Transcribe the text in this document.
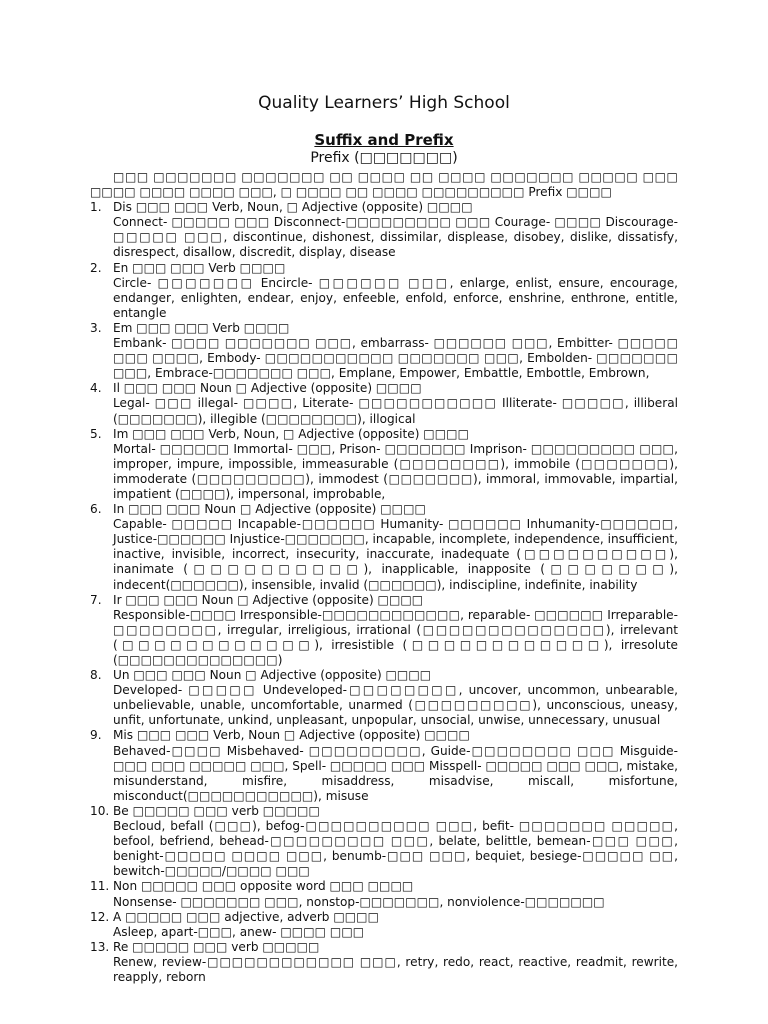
Quality Learners’ High School
Suffix and Prefix
Prefix (□□□□□□□)

□□□ □□□□□□□ □□□□□□□ □□ □□□□ □□ □□□□ □□□□□□□ □□□□□ □□□ □□□□ □□□□ □□□□ □□□, □ □□□□ □□ □□□□ □□□□□□□□□ Prefix □□□□

1. Dis □□□ □□□ Verb, Noun, □ Adjective (opposite) □□□□
Connect- □□□□□ □□□ Disconnect-□□□□□□□□□ □□□ Courage- □□□□ Discourage- □□□□□ □□□, discontinue, dishonest, dissimilar, displease, disobey, dislike, dissatisfy, disrespect, disallow, discredit, display, disease
2. En □□□ □□□ Verb □□□□
Circle- □□□□□□□ Encircle- □□□□□□ □□□, enlarge, enlist, ensure, encourage, endanger, enlighten, endear, enjoy, enfeeble, enfold, enforce, enshrine, enthrone, entitle, entangle
3. Em □□□ □□□ Verb □□□□
Embank- □□□□ □□□□□□□ □□□, embarrass- □□□□□□ □□□, Embitter- □□□□□ □□□ □□□□, Embody- □□□□□□□□□□□ □□□□□□□ □□□, Embolden- □□□□□□□ □□□, Embrace-□□□□□□□ □□□, Emplane, Empower, Embattle, Embottle, Embrown,
4. Il □□□ □□□ Noun □ Adjective (opposite) □□□□
Legal- □□□ illegal- □□□□, Literate- □□□□□□□□□□□ Illiterate- □□□□□, illiberal (□□□□□□□), illegible (□□□□□□□□), illogical
5. Im □□□ □□□ Verb, Noun, □ Adjective (opposite) □□□□
Mortal- □□□□□□ Immortal- □□□, Prison- □□□□□□□ Imprison- □□□□□□□□□ □□□, improper, impure, impossible, immeasurable (□□□□□□□□), immobile (□□□□□□□), immoderate (□□□□□□□□□), immodest (□□□□□□□), immoral, immovable, impartial, impatient (□□□□), impersonal, improbable,
6. In □□□ □□□ Noun □ Adjective (opposite) □□□□
Capable- □□□□□ Incapable-□□□□□□ Humanity- □□□□□□ Inhumanity-□□□□□□, Justice-□□□□□□ Injustice-□□□□□□□, incapable, incomplete, independence, insufficient, inactive, invisible, incorrect, insecurity, inaccurate, inadequate (□□□□□□□□□□), inanimate (□□□□□□□□□□), inapplicable, inapposite (□□□□□□□), indecent(□□□□□□), insensible, invalid (□□□□□□), indiscipline, indefinite, inability
7. Ir □□□ □□□ Noun □ Adjective (opposite) □□□□
Responsible-□□□□ Irresponsible-□□□□□□□□□□□□, reparable- □□□□□□ Irreparable-□□□□□□□□, irregular, irreligious, irrational (□□□□□□□□□□□□□□), irrelevant (□□□□□□□□□□□□), irresistible (□□□□□□□□□□□□), irresolute (□□□□□□□□□□□□□□)
8. Un □□□ □□□ Noun □ Adjective (opposite) □□□□
Developed- □□□□□ Undeveloped-□□□□□□□□, uncover, uncommon, unbearable, unbelievable, unable, uncomfortable, unarmed (□□□□□□□□□), unconscious, uneasy, unfit, unfortunate, unkind, unpleasant, unpopular, unsocial, unwise, unnecessary, unusual
9. Mis □□□ □□□ Verb, Noun □ Adjective (opposite) □□□□
Behaved-□□□□ Misbehaved- □□□□□□□□□, Guide-□□□□□□□□ □□□ Misguide- □□□ □□□ □□□□□ □□□, Spell- □□□□□ □□□ Misspell- □□□□□ □□□ □□□, mistake, misunderstand, misfire, misaddress, misadvise, miscall, misfortune, misconduct(□□□□□□□□□□□), misuse
10. Be □□□□□ □□□ verb □□□□□
Becloud, befall (□□□), befog-□□□□□□□□□□ □□□, befit- □□□□□□□ □□□□□, befool, befriend, behead-□□□□□□□□□ □□□, belate, belittle, bemean-□□□ □□□, benight-□□□□□ □□□□ □□□, benumb-□□□ □□□, bequiet, besiege-□□□□□ □□, bewitch-□□□□□/□□□□ □□□
11. Non □□□□□ □□□ opposite word □□□ □□□□
Nonsense- □□□□□□□ □□□, nonstop-□□□□□□□, nonviolence-□□□□□□□
12. A □□□□□ □□□ adjective, adverb □□□□
Asleep, apart-□□□, anew- □□□□ □□□
13. Re □□□□□ □□□ verb □□□□□
Renew, review-□□□□□□□□□□□□ □□□, retry, redo, react, reactive, readmit, rewrite, reapply, reborn
